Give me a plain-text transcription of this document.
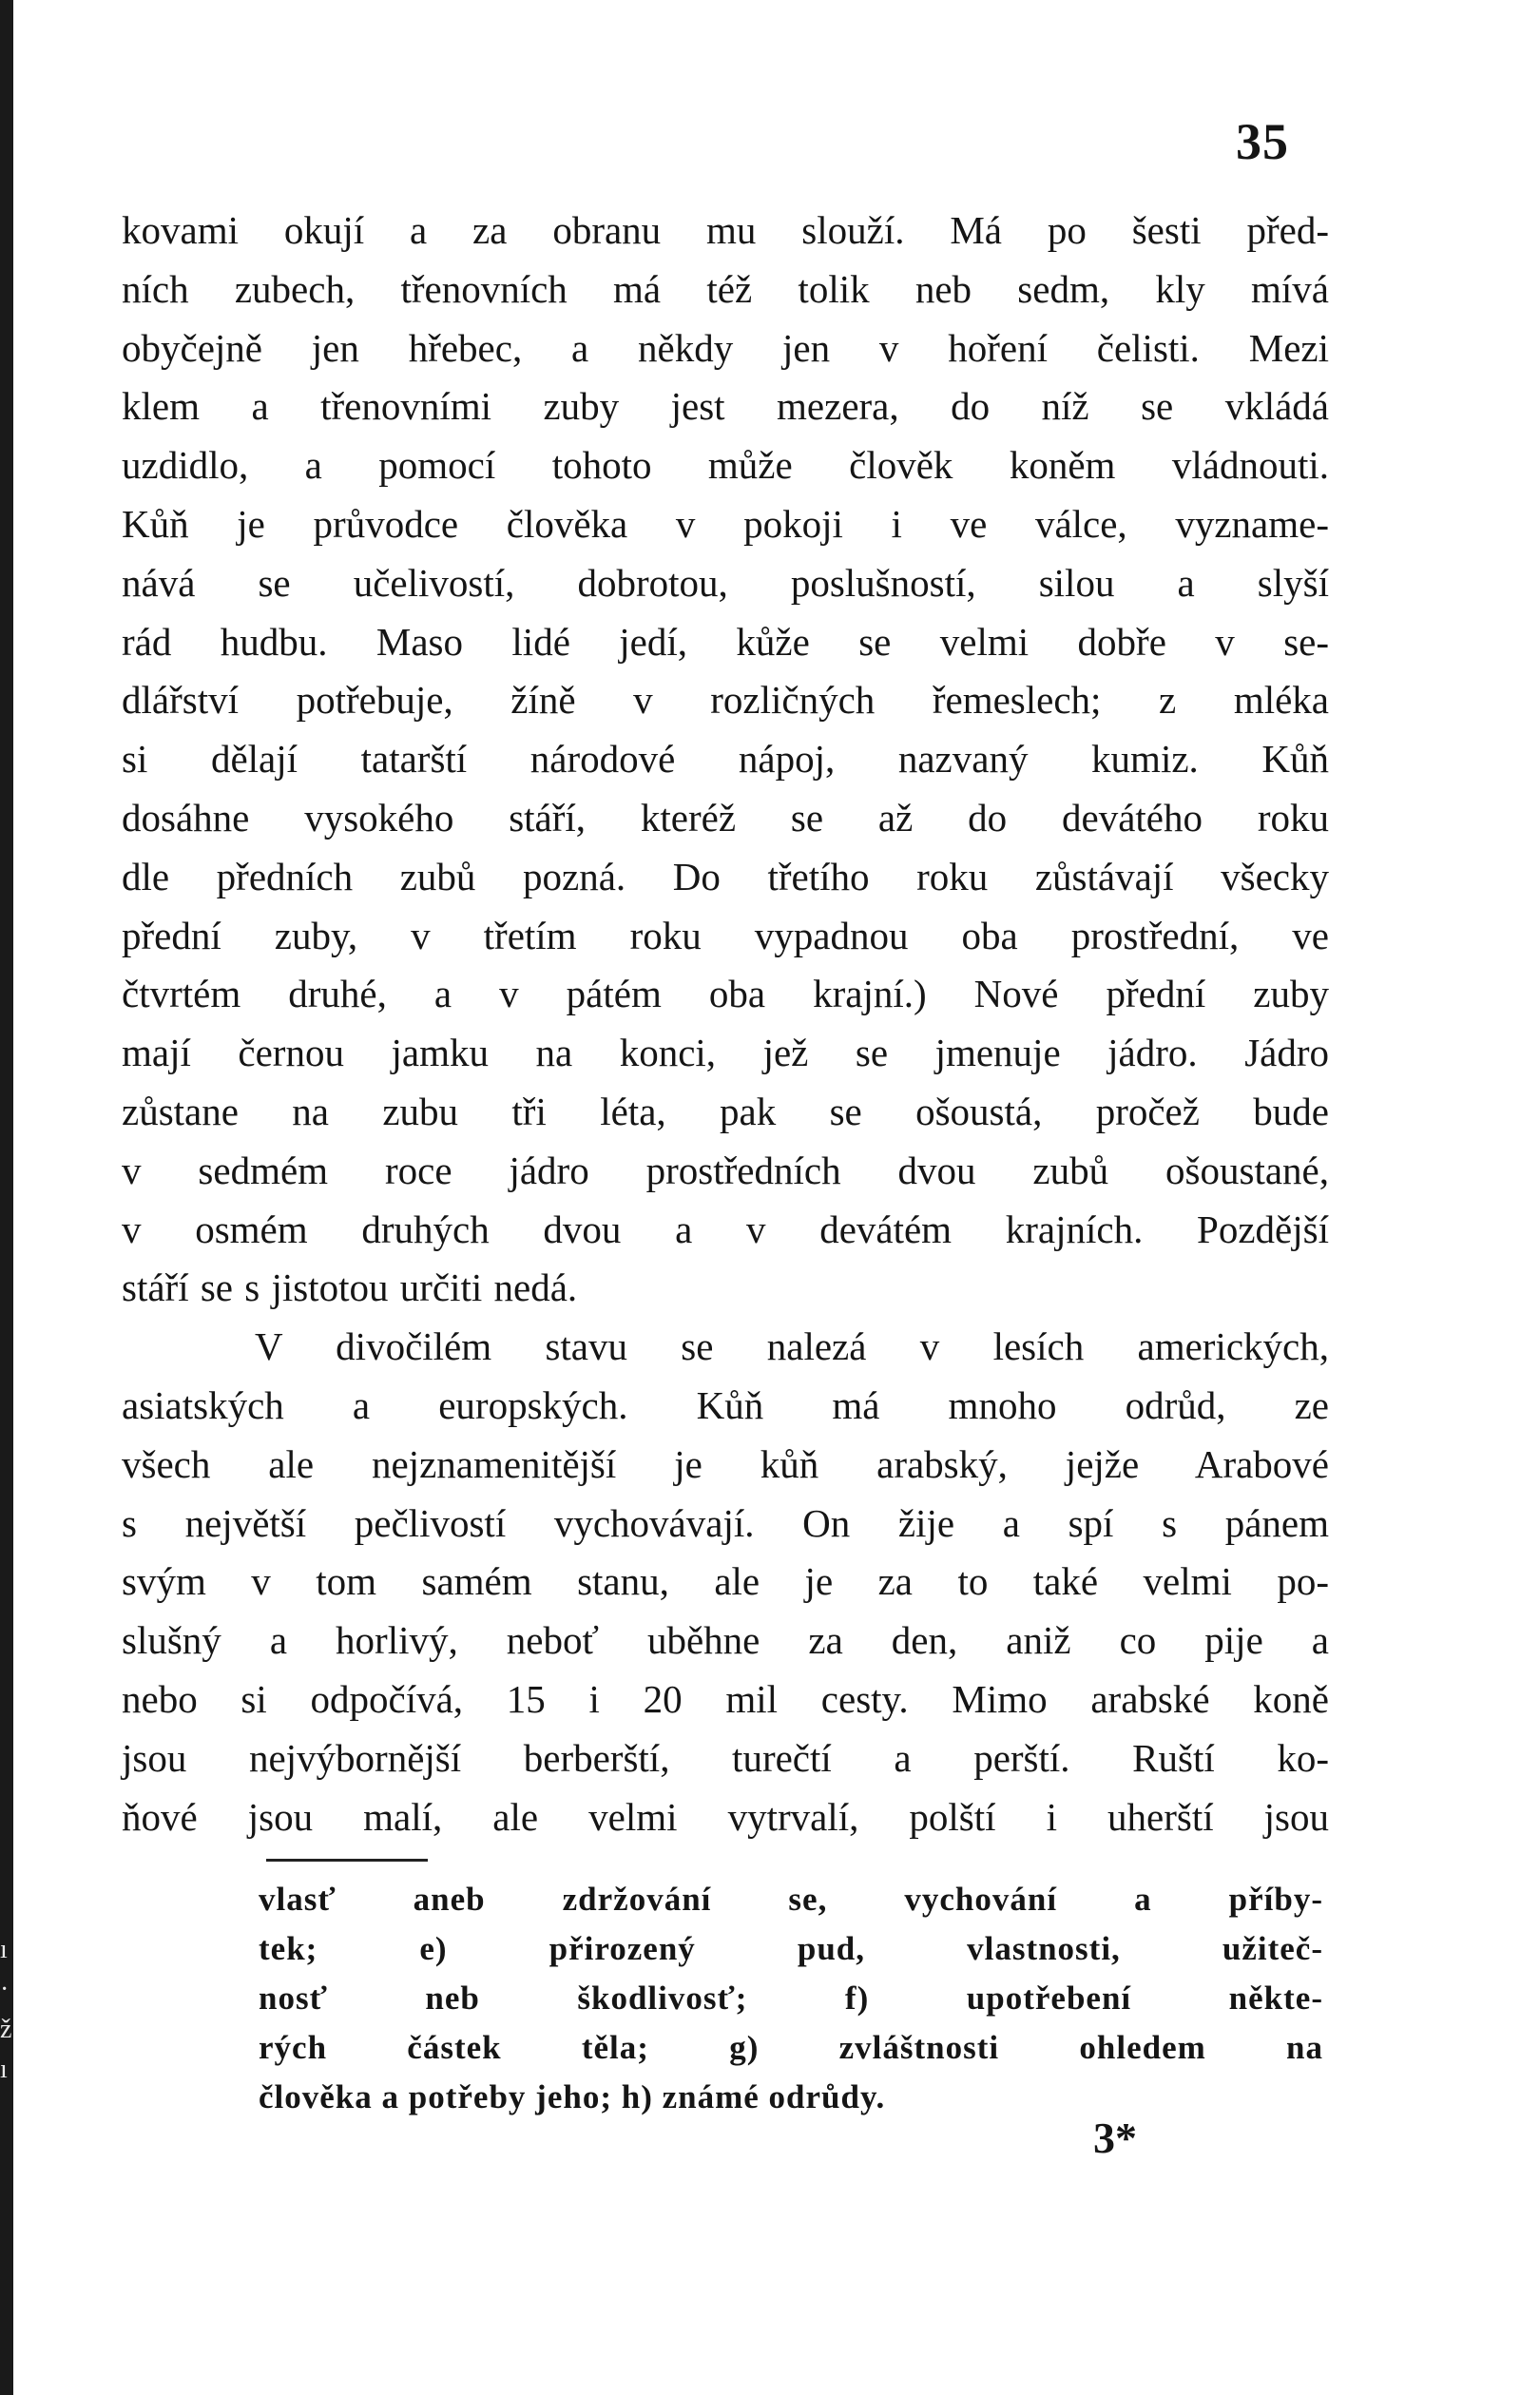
ı
·
ž
ı
35
kovami okují a za obranu mu slouží. Má po šesti před-
ních zubech, třenovních má též tolik neb sedm, kly mívá
obyčejně jen hřebec, a někdy jen v hoření čelisti. Mezi
klem a třenovními zuby jest mezera, do níž se vkládá
uzdidlo, a pomocí tohoto může člověk koněm vládnouti.
Kůň je průvodce člověka v pokoji i ve válce, vyzname-
nává se učelivostí, dobrotou, poslušností, silou a slyší
rád hudbu. Maso lidé jedí, kůže se velmi dobře v se-
dlářství potřebuje, žíně v rozličných řemeslech; z mléka
si dělají tatarští národové nápoj, nazvaný kumiz. Kůň
dosáhne vysokého stáří, kteréž se až do devátého roku
dle předních zubů pozná. Do třetího roku zůstávají všecky
přední zuby, v třetím roku vypadnou oba prostřední, ve
čtvrtém druhé, a v pátém oba krajní.) Nové přední zuby
mají černou jamku na konci, jež se jmenuje jádro. Jádro
zůstane na zubu tři léta, pak se ošoustá, pročež bude
v sedmém roce jádro prostředních dvou zubů ošoustané,
v osmém druhých dvou a v devátém krajních. Pozdější
stáří se s jistotou určiti nedá.
V divočilém stavu se nalezá v lesích amerických,
asiatských a europských. Kůň má mnoho odrůd, ze
všech ale nejznamenitější je kůň arabský, jejže Arabové
s největší pečlivostí vychovávají. On žije a spí s pánem
svým v tom samém stanu, ale je za to také velmi po-
slušný a horlivý, neboť uběhne za den, aniž co pije a
nebo si odpočívá, 15 i 20 mil cesty. Mimo arabské koně
jsou nejvýbornější berberští, turečtí a perští. Ruští ko-
ňové jsou malí, ale velmi vytrvalí, polští i uherští jsou
vlasť aneb zdržování se, vychování a příby-
tek; e) přirozený pud, vlastnosti, užiteč-
nosť neb škodlivosť; f) upotřebení někte-
rých částek těla; g) zvláštnosti ohledem na
člověka a potřeby jeho; h) známé odrůdy.
3*
